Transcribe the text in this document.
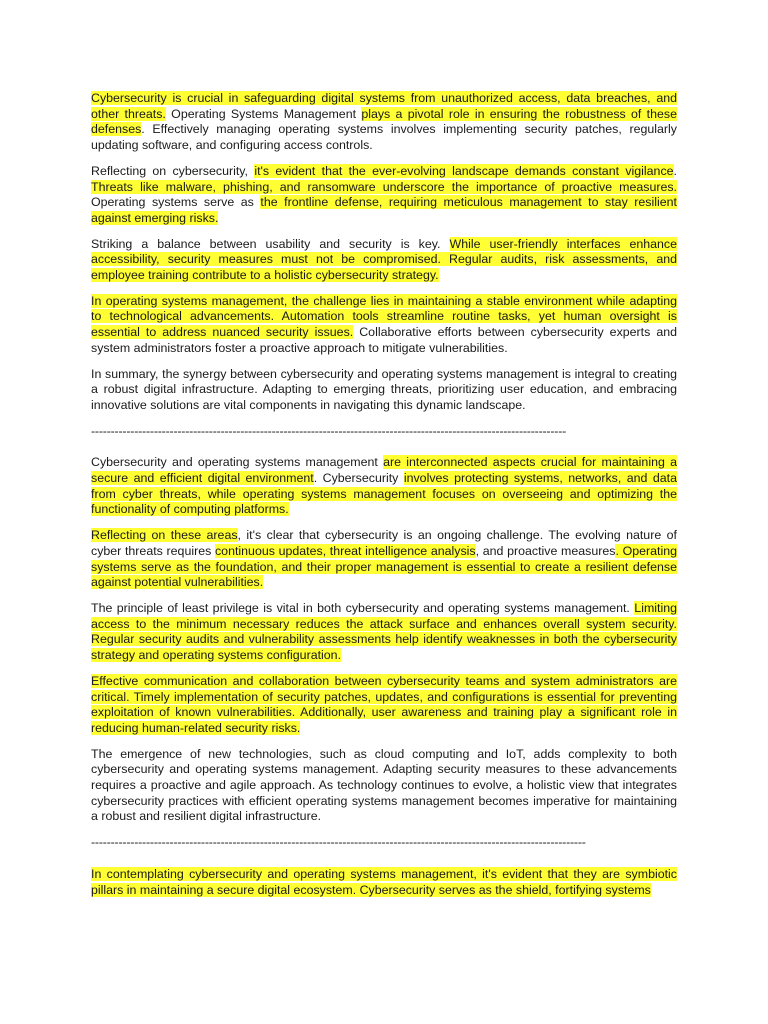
Cybersecurity is crucial in safeguarding digital systems from unauthorized access, data breaches, and other threats. Operating Systems Management plays a pivotal role in ensuring the robustness of these defenses. Effectively managing operating systems involves implementing security patches, regularly updating software, and configuring access controls.

Reflecting on cybersecurity, it's evident that the ever-evolving landscape demands constant vigilance. Threats like malware, phishing, and ransomware underscore the importance of proactive measures. Operating systems serve as the frontline defense, requiring meticulous management to stay resilient against emerging risks.

Striking a balance between usability and security is key. While user-friendly interfaces enhance accessibility, security measures must not be compromised. Regular audits, risk assessments, and employee training contribute to a holistic cybersecurity strategy.

In operating systems management, the challenge lies in maintaining a stable environment while adapting to technological advancements. Automation tools streamline routine tasks, yet human oversight is essential to address nuanced security issues. Collaborative efforts between cybersecurity experts and system administrators foster a proactive approach to mitigate vulnerabilities.

In summary, the synergy between cybersecurity and operating systems management is integral to creating a robust digital infrastructure. Adapting to emerging threats, prioritizing user education, and embracing innovative solutions are vital components in navigating this dynamic landscape.

-------------------------------------------------------------------------------------------------------------------------

Cybersecurity and operating systems management are interconnected aspects crucial for maintaining a secure and efficient digital environment. Cybersecurity involves protecting systems, networks, and data from cyber threats, while operating systems management focuses on overseeing and optimizing the functionality of computing platforms.

Reflecting on these areas, it's clear that cybersecurity is an ongoing challenge. The evolving nature of cyber threats requires continuous updates, threat intelligence analysis, and proactive measures. Operating systems serve as the foundation, and their proper management is essential to create a resilient defense against potential vulnerabilities.

The principle of least privilege is vital in both cybersecurity and operating systems management. Limiting access to the minimum necessary reduces the attack surface and enhances overall system security. Regular security audits and vulnerability assessments help identify weaknesses in both the cybersecurity strategy and operating systems configuration.

Effective communication and collaboration between cybersecurity teams and system administrators are critical. Timely implementation of security patches, updates, and configurations is essential for preventing exploitation of known vulnerabilities. Additionally, user awareness and training play a significant role in reducing human-related security risks.

The emergence of new technologies, such as cloud computing and IoT, adds complexity to both cybersecurity and operating systems management. Adapting security measures to these advancements requires a proactive and agile approach. As technology continues to evolve, a holistic view that integrates cybersecurity practices with efficient operating systems management becomes imperative for maintaining a robust and resilient digital infrastructure.

------------------------------------------------------------------------------------------------------------------------------

In contemplating cybersecurity and operating systems management, it's evident that they are symbiotic pillars in maintaining a secure digital ecosystem. Cybersecurity serves as the shield, fortifying systems
